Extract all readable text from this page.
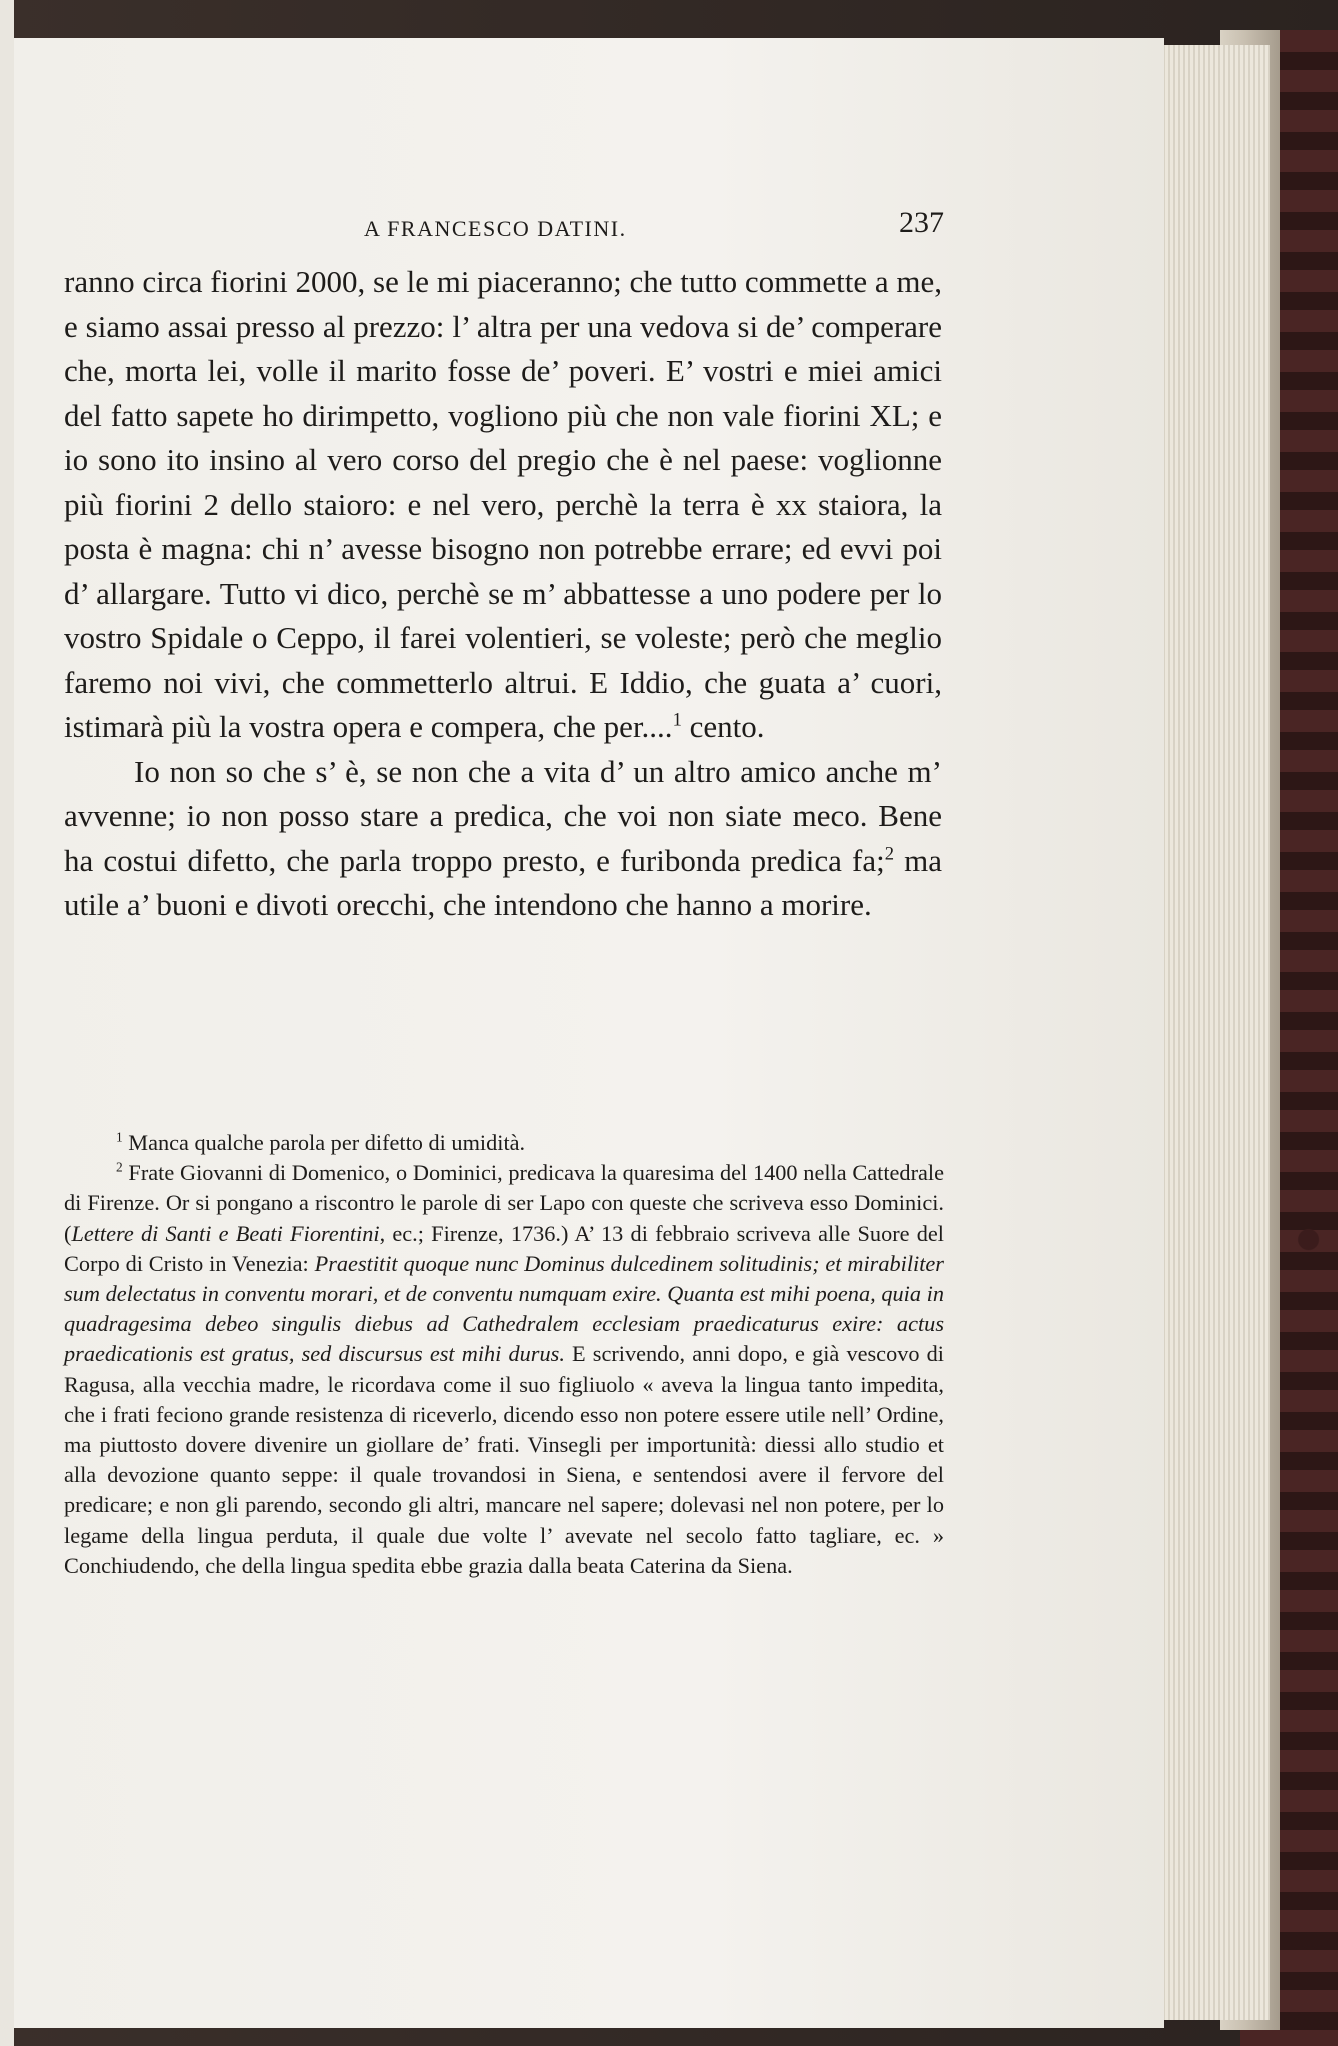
A FRANCESCO DATINI.	237

ranno circa fiorini 2000, se le mi piaceranno; che tutto commette a me, e siamo assai presso al prezzo: l’ altra per una vedova si de’ comperare che, morta lei, volle il marito fosse de’ poveri. E’ vostri e miei amici del fatto sapete ho dirimpetto, vogliono più che non vale fiorini XL; e io sono ito insino al vero corso del pregio che è nel paese: voglionne più fiorini 2 dello staioro: e nel vero, perchè la terra è xx staiora, la posta è magna: chi n’ avesse bisogno non potrebbe errare; ed evvi poi d’ allargare. Tutto vi dico, perchè se m’ abbattesse a uno podere per lo vostro Spidale o Ceppo, il farei volentieri, se voleste; però che meglio faremo noi vivi, che commetterlo altrui. E Iddio, che guata a’ cuori, istimarà più la vostra opera e compera, che per....$^1$ cento.

Io non so che s’ è, se non che a vita d’ un altro amico anche m’ avvenne; io non posso stare a predica, che voi non siate meco. Bene ha costui difetto, che parla troppo presto, e furibonda predica fa;$^2$ ma utile a’ buoni e divoti orecchi, che intendono che hanno a morire.

$^1$ Manca qualche parola per difetto di umidità.

$^2$ Frate Giovanni di Domenico, o Dominici, predicava la quaresima del 1400 nella Cattedrale di Firenze. Or si pongano a riscontro le parole di ser Lapo con queste che scriveva esso Dominici. (Lettere di Santi e Beati Fiorentini, ec.; Firenze, 1736.) A’ 13 di febbraio scriveva alle Suore del Corpo di Cristo in Venezia: Praestitit quoque nunc Dominus dulcedinem solitudinis; et mirabiliter sum delectatus in conventu morari, et de conventu numquam exire. Quanta est mihi poena, quia in quadragesima debeo singulis diebus ad Cathedralem ecclesiam praedicaturus exire: actus praedicationis est gratus, sed discursus est mihi durus. E scrivendo, anni dopo, e già vescovo di Ragusa, alla vecchia madre, le ricordava come il suo figliuolo « aveva la lingua tanto impedita, che i frati feciono grande resistenza di riceverlo, dicendo esso non potere essere utile nell’ Ordine, ma piuttosto dovere divenire un giollare de’ frati. Vinsegli per importunità: diessi allo studio et alla devozione quanto seppe: il quale trovandosi in Siena, e sentendosi avere il fervore del predicare; e non gli parendo, secondo gli altri, mancare nel sapere; dolevasi nel non potere, per lo legame della lingua perduta, il quale due volte l’ avevate nel secolo fatto tagliare, ec. » Conchiudendo, che della lingua spedita ebbe grazia dalla beata Caterina da Siena.
